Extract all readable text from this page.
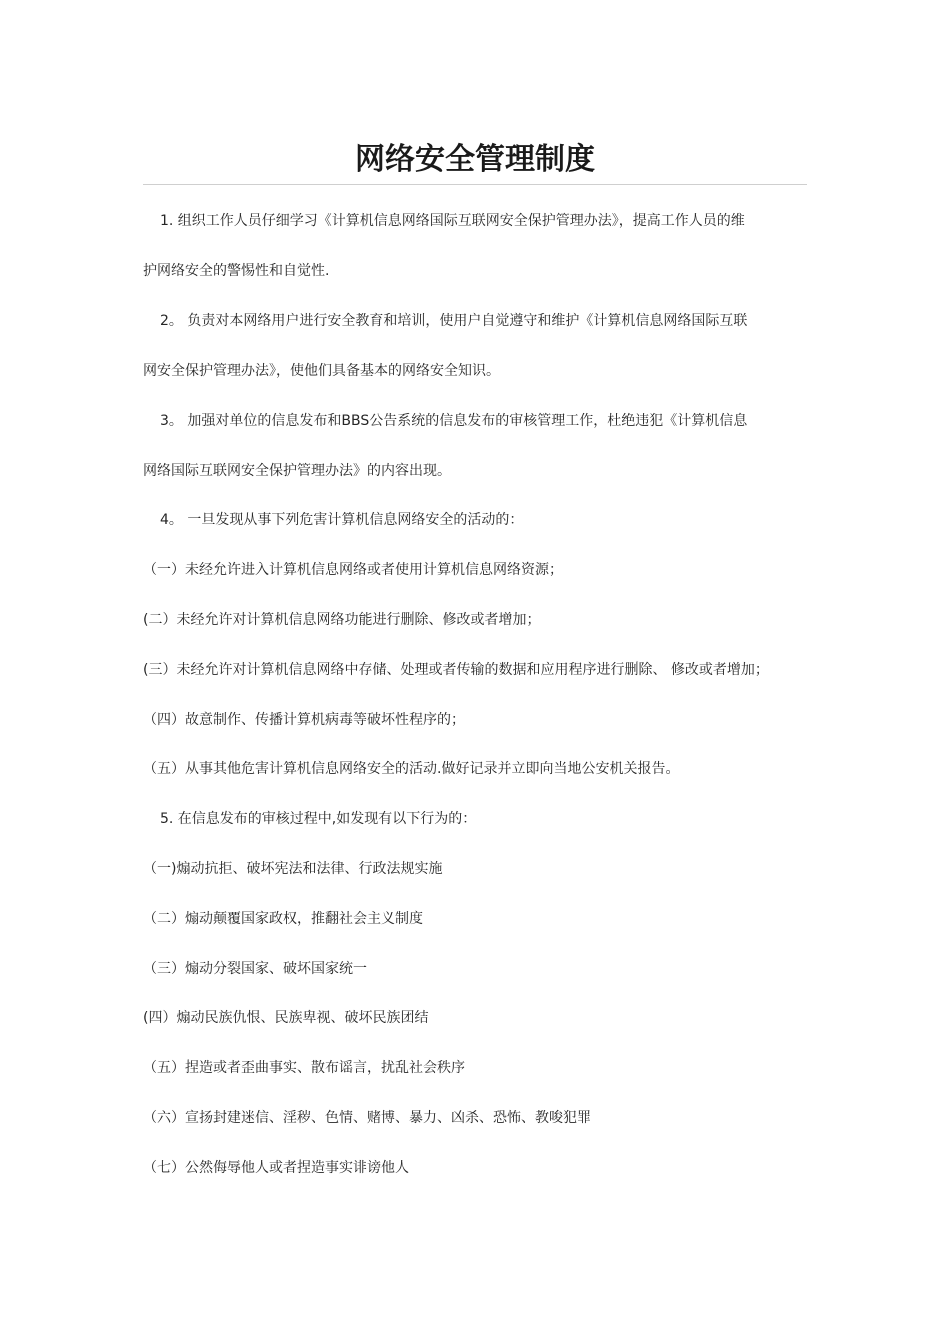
网络安全管理制度
1. 组织工作人员仔细学习《计算机信息网络国际互联网安全保护管理办法》，提高工作人员的维
护网络安全的警惕性和自觉性.
2。 负责对本网络用户进行安全教育和培训，使用户自觉遵守和维护《计算机信息网络国际互联
网安全保护管理办法》，使他们具备基本的网络安全知识。
3。 加强对单位的信息发布和BBS公告系统的信息发布的审核管理工作，杜绝违犯《计算机信息
网络国际互联网安全保护管理办法》的内容出现。
4。 一旦发现从事下列危害计算机信息网络安全的活动的：
（一）未经允许进入计算机信息网络或者使用计算机信息网络资源；
(二）未经允许对计算机信息网络功能进行删除、修改或者增加；
(三）未经允许对计算机信息网络中存储、处理或者传输的数据和应用程序进行删除、 修改或者增加；
（四）故意制作、传播计算机病毒等破坏性程序的；
（五）从事其他危害计算机信息网络安全的活动.做好记录并立即向当地公安机关报告。
5. 在信息发布的审核过程中,如发现有以下行为的：
（一)煽动抗拒、破坏宪法和法律、行政法规实施
（二）煽动颠覆国家政权，推翻社会主义制度
（三）煽动分裂国家、破坏国家统一
(四）煽动民族仇恨、民族卑视、破坏民族团结
（五）捏造或者歪曲事实、散布谣言，扰乱社会秩序
（六）宣扬封建迷信、淫秽、色情、赌博、暴力、凶杀、恐怖、教唆犯罪
（七）公然侮辱他人或者捏造事实诽谤他人
